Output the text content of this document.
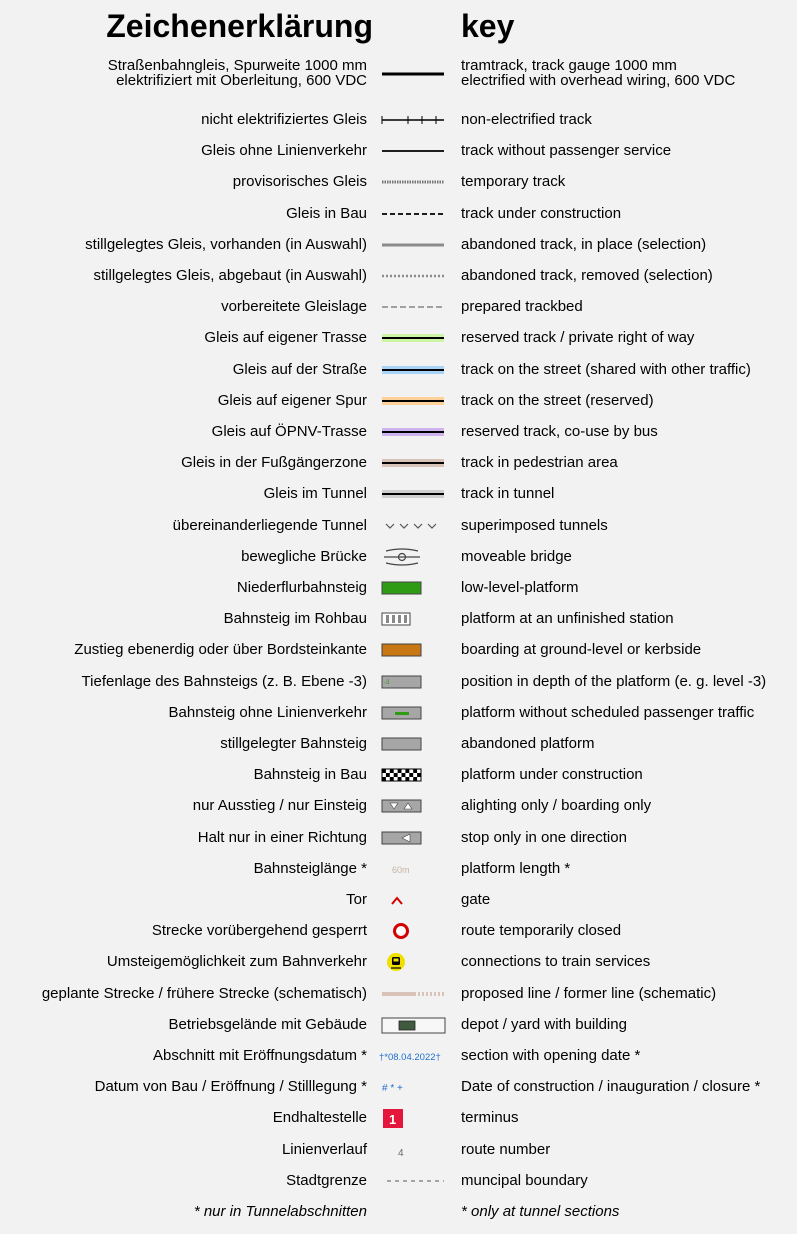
Zeichenerklärung	key
Straßenbahngleis, Spurweite 1000 mm
elektrifiziert mit Oberleitung, 600 VDC
tramtrack, track gauge 1000 mm
electrified with overhead wiring, 600 VDC
nicht elektrifiziertes Gleis	non-electrified track
Gleis ohne Linienverkehr	track without passenger service
provisorisches Gleis	temporary track
Gleis in Bau	track under construction
stillgelegtes Gleis, vorhanden (in Auswahl)	abandoned track, in place (selection)
stillgelegtes Gleis, abgebaut (in Auswahl)	abandoned track, removed (selection)
vorbereitete Gleislage	prepared trackbed
Gleis auf eigener Trasse	reserved track / private right of way
Gleis auf der Straße	track on the street (shared with other traffic)
Gleis auf eigener Spur	track on the street (reserved)
Gleis auf ÖPNV-Trasse	reserved track, co-use by bus
Gleis in der Fußgängerzone	track in pedestrian area
Gleis im Tunnel	track in tunnel
übereinanderliegende Tunnel	superimposed tunnels
bewegliche Brücke	moveable bridge
Niederflurbahnsteig	low-level-platform
Bahnsteig im Rohbau	platform at an unfinished station
Zustieg ebenerdig oder über Bordsteinkante	boarding at ground-level or kerbside
Tiefenlage des Bahnsteigs (z. B. Ebene -3)	position in depth of the platform (e. g. level -3)
-3
Bahnsteig ohne Linienverkehr	platform without scheduled passenger traffic
stillgelegter Bahnsteig	abandoned platform
Bahnsteig in Bau	platform under construction
nur Ausstieg / nur Einsteig	alighting only / boarding only
Halt nur in einer Richtung	stop only in one direction
Bahnsteiglänge *	platform length *
60m
Tor	gate
Strecke vorübergehend gesperrt	route temporarily closed
Umsteigemöglichkeit zum Bahnverkehr	connections to train services
geplante Strecke / frühere Strecke (schematisch)	proposed line / former line (schematic)
Betriebsgelände mit Gebäude	depot / yard with building
Abschnitt mit Eröffnungsdatum *	section with opening date *
†*08.04.2022†
Datum von Bau / Eröffnung / Stilllegung *	Date of construction / inauguration / closure *
# * +
Endhaltestelle	terminus
1
Linienverlauf	route number
4
Stadtgrenze	muncipal boundary
* nur in Tunnelabschnitten	* only at tunnel sections
